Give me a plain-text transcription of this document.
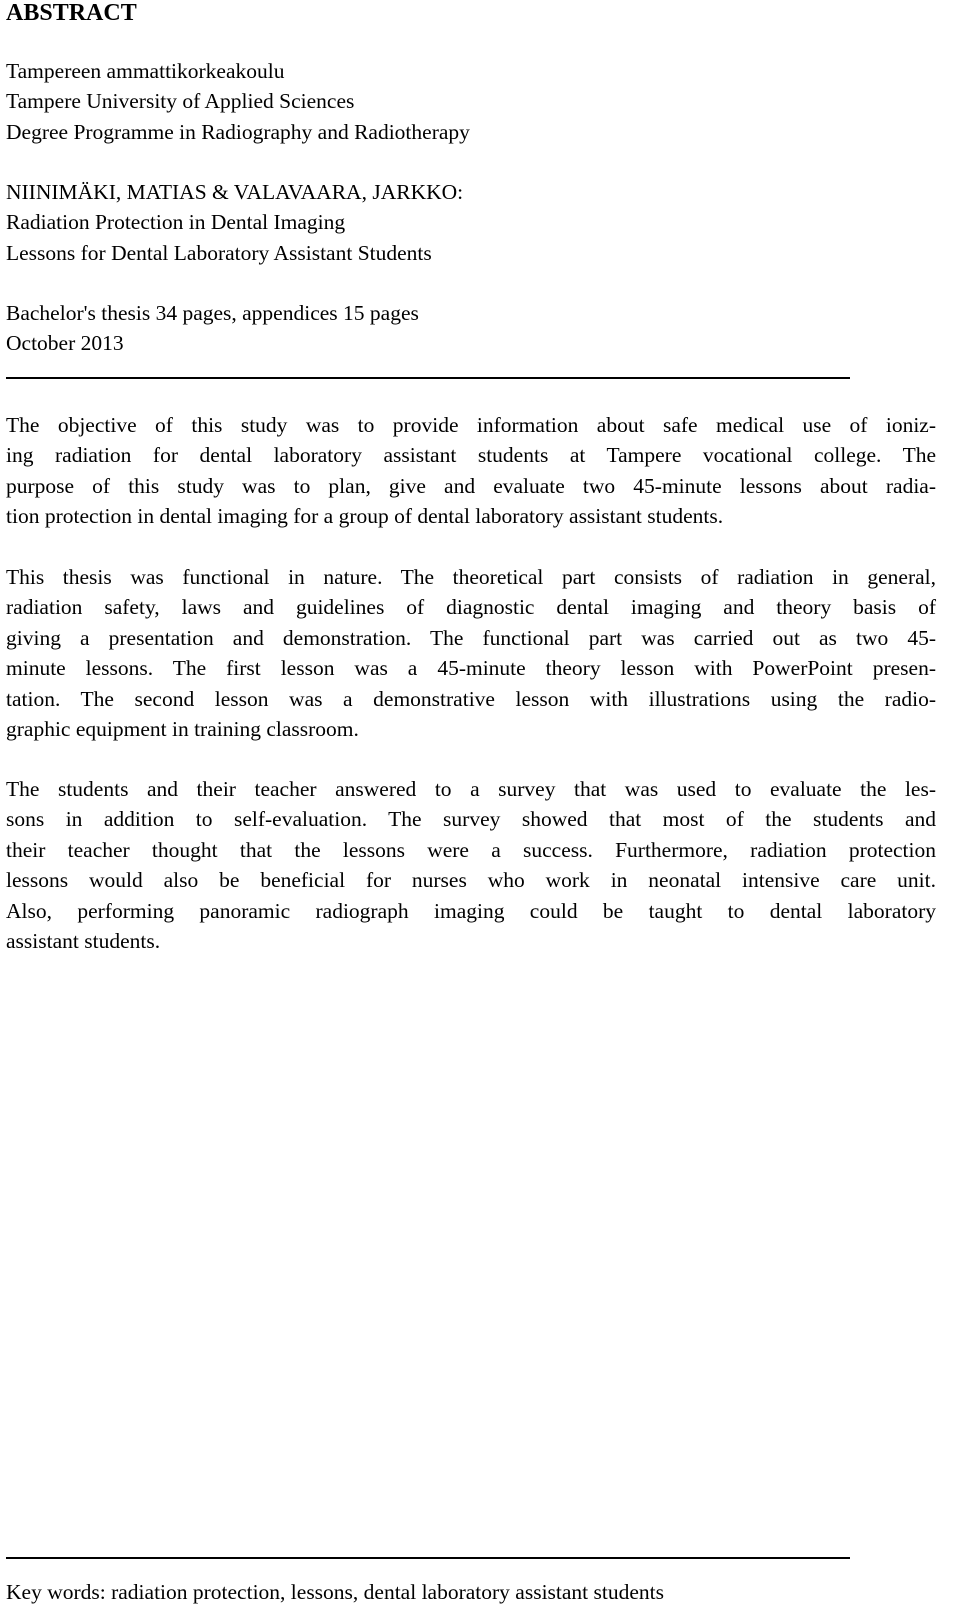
ABSTRACT
Tampereen ammattikorkeakoulu
Tampere University of Applied Sciences
Degree Programme in Radiography and Radiotherapy
NIINIMÄKI, MATIAS & VALAVAARA, JARKKO:
Radiation Protection in Dental Imaging
Lessons for Dental Laboratory Assistant Students
Bachelor's thesis 34 pages, appendices 15 pages
October 2013
The objective of this study was to provide information about safe medical use of ioniz-
ing radiation for dental laboratory assistant students at Tampere vocational college. The
purpose of this study was to plan, give and evaluate two 45-minute lessons about radia-
tion protection in dental imaging for a group of dental laboratory assistant students.
This thesis was functional in nature. The theoretical part consists of radiation in general,
radiation safety, laws and guidelines of diagnostic dental imaging and theory basis of
giving a presentation and demonstration. The functional part was carried out as two 45-
minute lessons. The first lesson was a 45-minute theory lesson with PowerPoint presen-
tation. The second lesson was a demonstrative lesson with illustrations using the radio-
graphic equipment in training classroom.
The students and their teacher answered to a survey that was used to evaluate the les-
sons in addition to self-evaluation. The survey showed that most of the students and
their teacher thought that the lessons were a success. Furthermore, radiation protection
lessons would also be beneficial for nurses who work in neonatal intensive care unit.
Also, performing panoramic radiograph imaging could be taught to dental laboratory
assistant students.
Key words: radiation protection, lessons, dental laboratory assistant students
